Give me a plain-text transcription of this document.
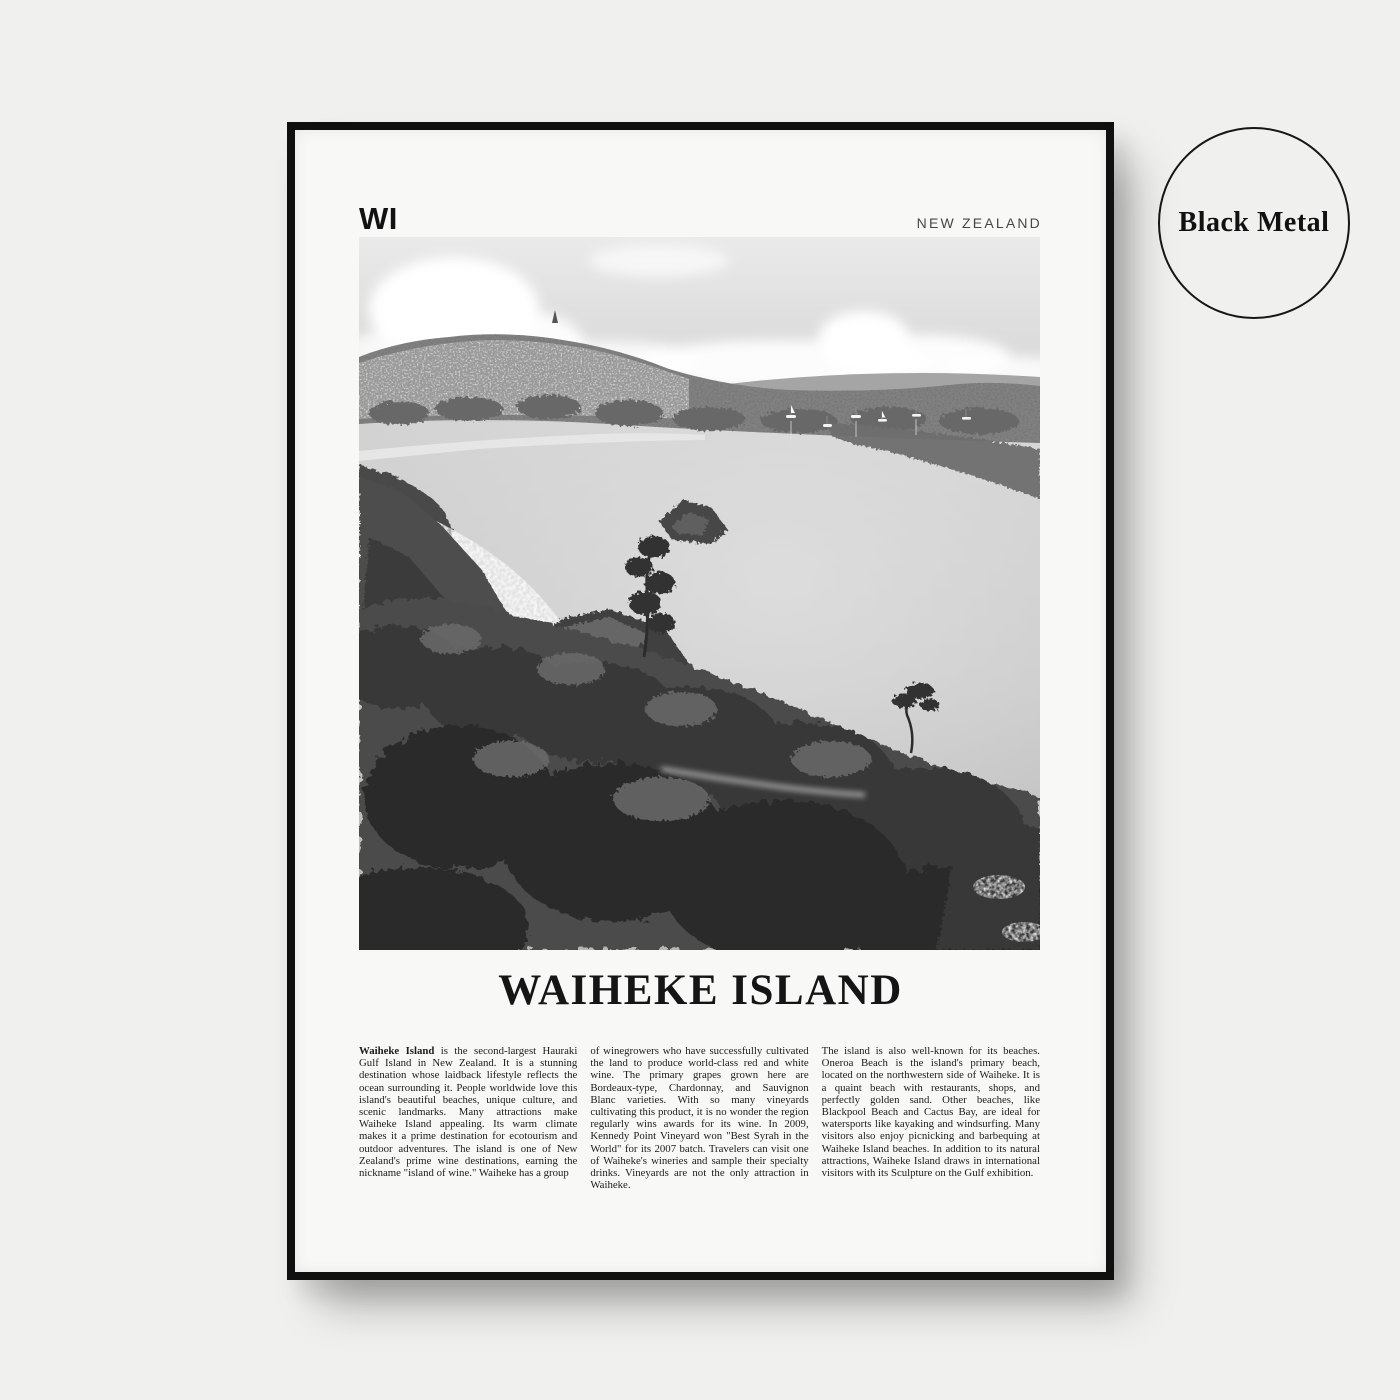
Black Metal
WI	NEW ZEALAND
WAIHEKE ISLAND

Waiheke Island is the second-largest Hauraki Gulf Island in New Zealand. It is a stunning destination whose laidback lifestyle reflects the ocean surrounding it. People worldwide love this island's beautiful beaches, unique culture, and scenic landmarks. Many attractions make Waiheke Island appealing. Its warm climate makes it a prime destination for ecotourism and outdoor adventures. The island is one of New Zealand's prime wine destinations, earning the nickname "island of wine." Waiheke has a group

of winegrowers who have successfully cultivated the land to produce world-class red and white wine. The primary grapes grown here are Bordeaux-type, Chardonnay, and Sauvignon Blanc varieties. With so many vineyards cultivating this product, it is no wonder the region regularly wins awards for its wine. In 2009, Kennedy Point Vineyard won "Best Syrah in the World" for its 2007 batch. Travelers can visit one of Waiheke's wineries and sample their specialty drinks. Vineyards are not the only attraction in Waiheke.

The island is also well-known for its beaches. Oneroa Beach is the island's primary beach, located on the northwestern side of Waiheke. It is a quaint beach with restaurants, shops, and perfectly golden sand. Other beaches, like Blackpool Beach and Cactus Bay, are ideal for watersports like kayaking and windsurfing. Many visitors also enjoy picnicking and barbequing at Waiheke Island beaches. In addition to its natural attractions, Waiheke Island draws in international visitors with its Sculpture on the Gulf exhibition.
